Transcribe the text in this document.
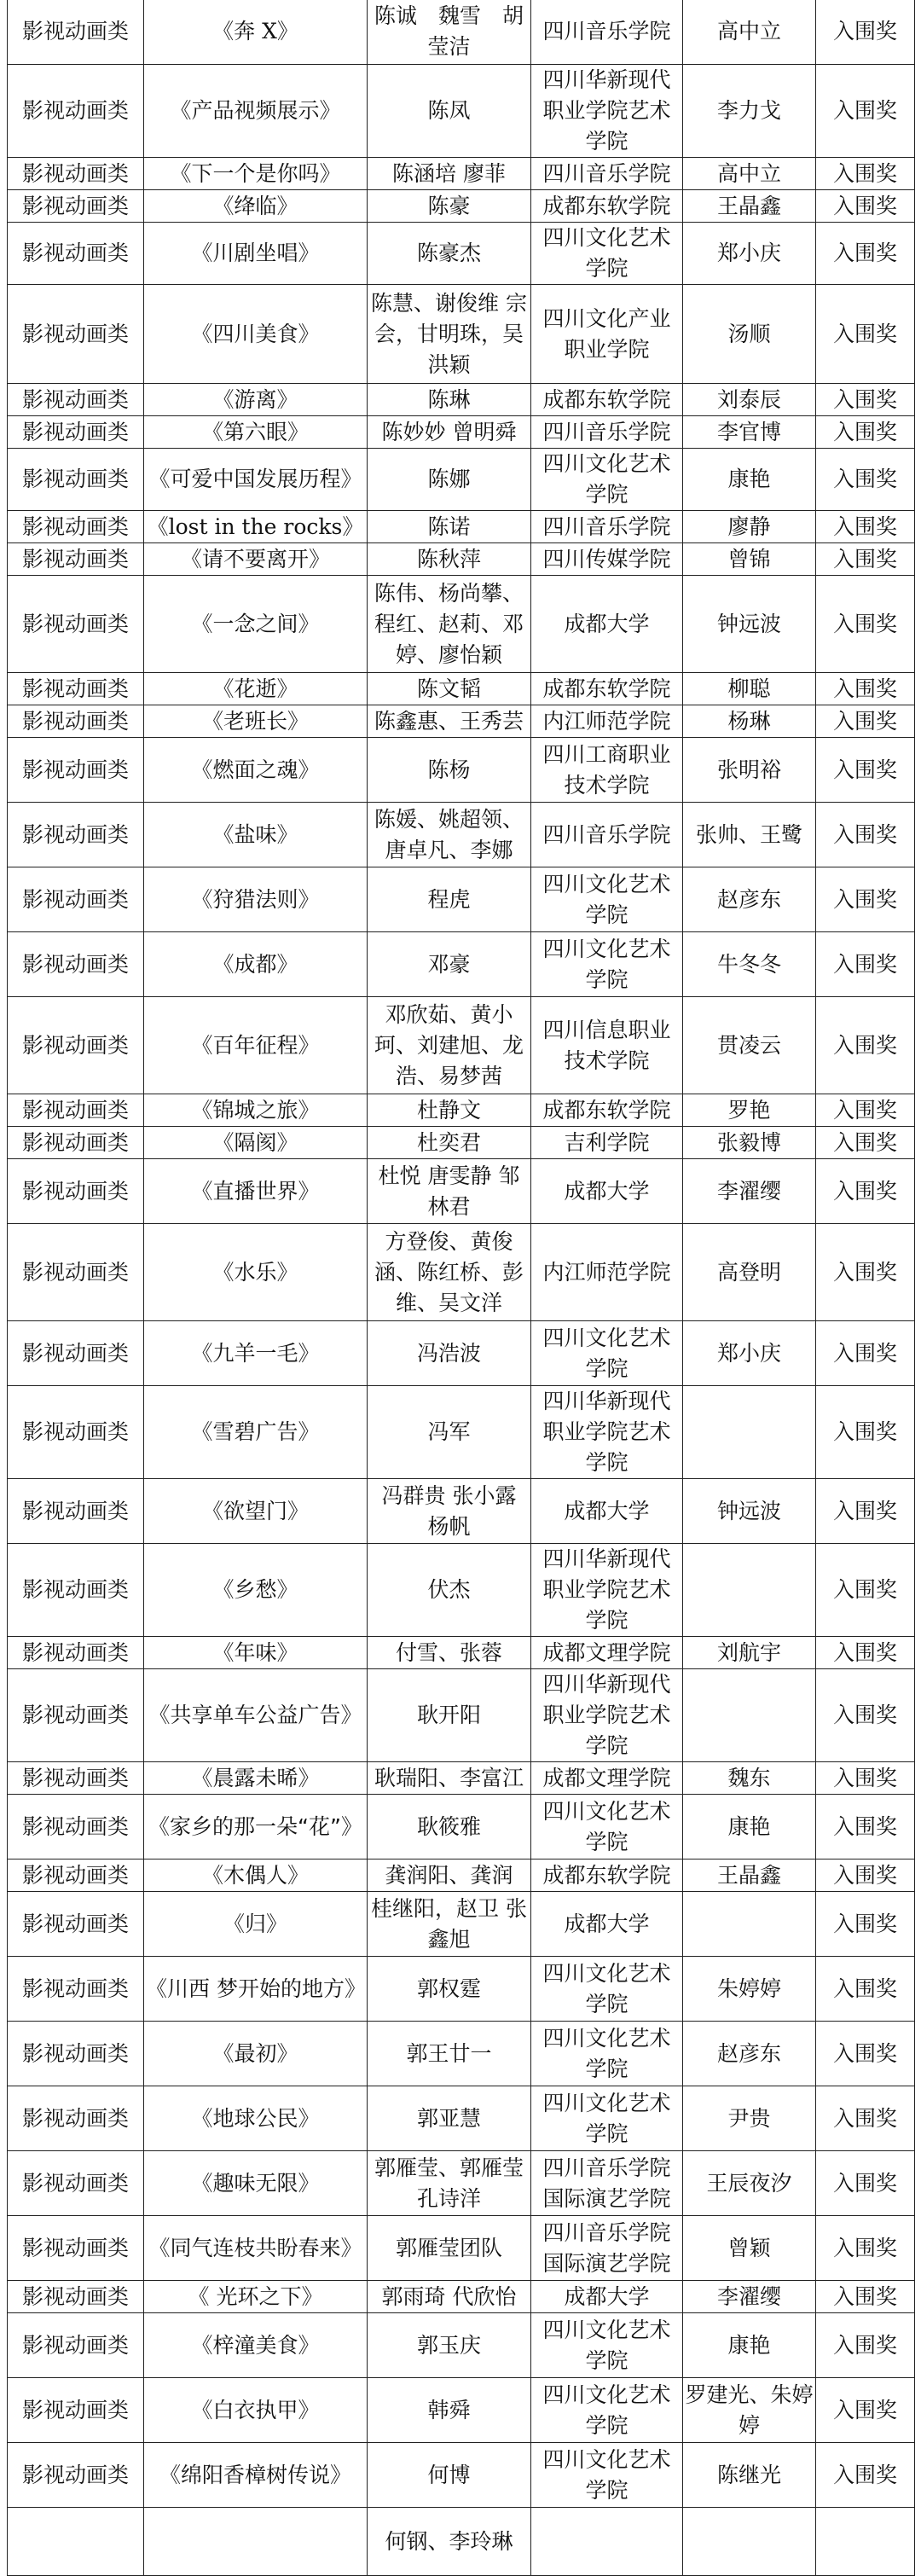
影视动画类	《奔 X》	陈诚　魏雪　胡莹洁	四川音乐学院	高中立	入围奖
影视动画类	《产品视频展示》	陈凤	四川华新现代职业学院艺术学院	李力戈	入围奖
影视动画类	《下一个是你吗》	陈涵培 廖菲	四川音乐学院	高中立	入围奖
影视动画类	《绛临》	陈豪	成都东软学院	王晶鑫	入围奖
影视动画类	《川剧坐唱》	陈豪杰	四川文化艺术学院	郑小庆	入围奖
影视动画类	《四川美食》	陈慧、谢俊维 宗会，甘明珠，吴洪颖	四川文化产业职业学院	汤顺	入围奖
影视动画类	《游离》	陈琳	成都东软学院	刘泰辰	入围奖
影视动画类	《第六眼》	陈妙妙 曾明舜	四川音乐学院	李官博	入围奖
影视动画类	《可爱中国发展历程》	陈娜	四川文化艺术学院	康艳	入围奖
影视动画类	《lost in the rocks》	陈诺	四川音乐学院	廖静	入围奖
影视动画类	《请不要离开》	陈秋萍	四川传媒学院	曾锦	入围奖
影视动画类	《一念之间》	陈伟、杨尚攀、程红、赵莉、邓婷、廖怡颖	成都大学	钟远波	入围奖
影视动画类	《花逝》	陈文韬	成都东软学院	柳聪	入围奖
影视动画类	《老班长》	陈鑫惠、王秀芸	内江师范学院	杨琳	入围奖
影视动画类	《燃面之魂》	陈杨	四川工商职业技术学院	张明裕	入围奖
影视动画类	《盐味》	陈媛、姚超领、唐卓凡、李娜	四川音乐学院	张帅、王鹭	入围奖
影视动画类	《狩猎法则》	程虎	四川文化艺术学院	赵彦东	入围奖
影视动画类	《成都》	邓豪	四川文化艺术学院	牛冬冬	入围奖
影视动画类	《百年征程》	邓欣茹、黄小珂、刘建旭、龙浩、易梦茜	四川信息职业技术学院	贯凌云	入围奖
影视动画类	《锦城之旅》	杜静文	成都东软学院	罗艳	入围奖
影视动画类	《隔阂》	杜奕君	吉利学院	张毅博	入围奖
影视动画类	《直播世界》	杜悦 唐雯静 邹林君	成都大学	李濯缨	入围奖
影视动画类	《水乐》	方登俊、黄俊涵、陈红桥、彭维、吴文洋	内江师范学院	高登明	入围奖
影视动画类	《九羊一毛》	冯浩波	四川文化艺术学院	郑小庆	入围奖
影视动画类	《雪碧广告》	冯军	四川华新现代职业学院艺术学院		入围奖
影视动画类	《欲望门》	冯群贵 张小露 杨帆	成都大学	钟远波	入围奖
影视动画类	《乡愁》	伏杰	四川华新现代职业学院艺术学院		入围奖
影视动画类	《年味》	付雪、张蓉	成都文理学院	刘航宇	入围奖
影视动画类	《共享单车公益广告》	耿开阳	四川华新现代职业学院艺术学院		入围奖
影视动画类	《晨露未晞》	耿瑞阳、李富江	成都文理学院	魏东	入围奖
影视动画类	《家乡的那一朵“花”》	耿筱雅	四川文化艺术学院	康艳	入围奖
影视动画类	《木偶人》	龚润阳、龚润	成都东软学院	王晶鑫	入围奖
影视动画类	《归》	桂继阳，赵卫 张鑫旭	成都大学		入围奖
影视动画类	《川西 梦开始的地方》	郭权霆	四川文化艺术学院	朱婷婷	入围奖
影视动画类	《最初》	郭王廿一	四川文化艺术学院	赵彦东	入围奖
影视动画类	《地球公民》	郭亚慧	四川文化艺术学院	尹贵	入围奖
影视动画类	《趣味无限》	郭雁莹、郭雁莹孔诗洋	四川音乐学院国际演艺学院	王辰夜汐	入围奖
影视动画类	《同气连枝共盼春来》	郭雁莹团队	四川音乐学院国际演艺学院	曾颖	入围奖
影视动画类	《 光环之下》	郭雨琦 代欣怡	成都大学	李濯缨	入围奖
影视动画类	《梓潼美食》	郭玉庆	四川文化艺术学院	康艳	入围奖
影视动画类	《白衣执甲》	韩舜	四川文化艺术学院	罗建光、朱婷婷	入围奖
影视动画类	《绵阳香樟树传说》	何博	四川文化艺术学院	陈继光	入围奖
		何钢、李玲琳			
